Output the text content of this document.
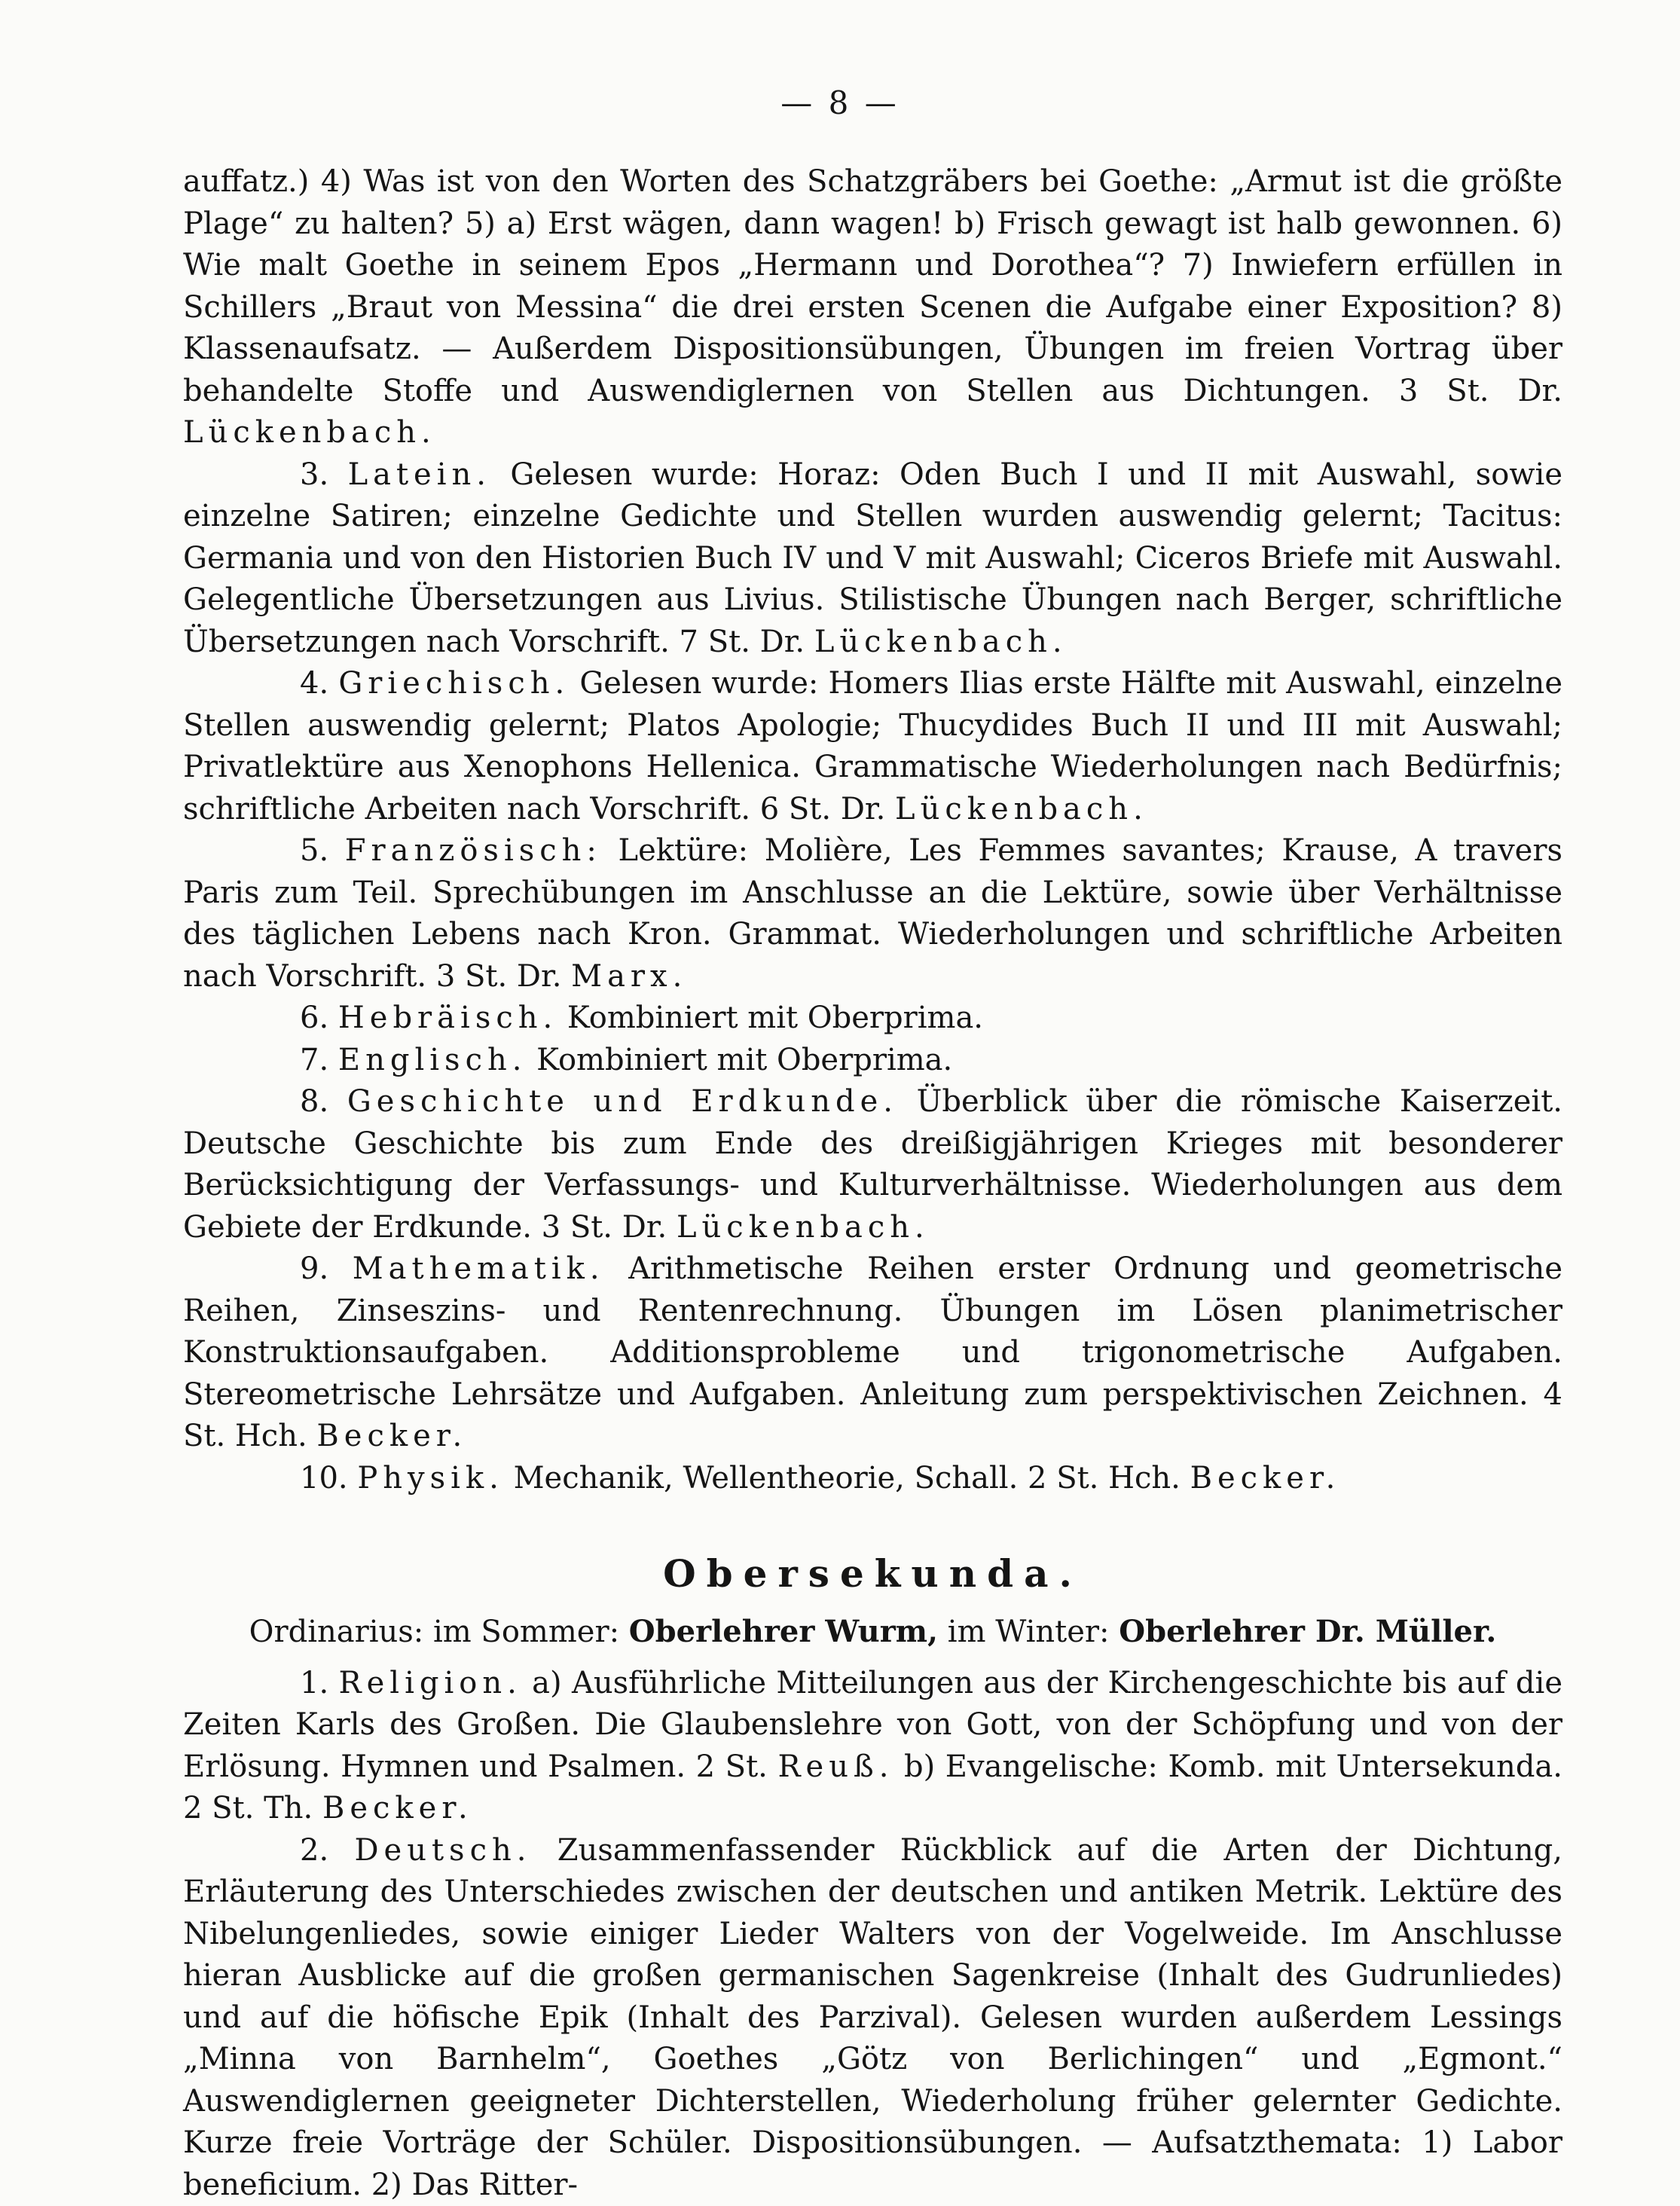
— 8 —

auffatz.) 4) Was ist von den Worten des Schatzgräbers bei Goethe: „Armut ist die größte Plage“ zu halten? 5) a) Erst wägen, dann wagen! b) Frisch gewagt ist halb gewonnen. 6) Wie malt Goethe in seinem Epos „Hermann und Dorothea“? 7) Inwiefern erfüllen in Schillers „Braut von Messina“ die drei ersten Scenen die Aufgabe einer Exposition? 8) Klassenaufsatz. — Außerdem Dispositionsübungen, Übungen im freien Vortrag über behandelte Stoffe und Auswendiglernen von Stellen aus Dichtungen. 3 St. Dr. Lückenbach.

3. Latein. Gelesen wurde: Horaz: Oden Buch I und II mit Auswahl, sowie einzelne Satiren; einzelne Gedichte und Stellen wurden auswendig gelernt; Tacitus: Germania und von den Historien Buch IV und V mit Auswahl; Ciceros Briefe mit Auswahl. Gelegentliche Übersetzungen aus Livius. Stilistische Übungen nach Berger, schriftliche Übersetzungen nach Vorschrift. 7 St. Dr. Lückenbach.

4. Griechisch. Gelesen wurde: Homers Ilias erste Hälfte mit Auswahl, einzelne Stellen auswendig gelernt; Platos Apologie; Thucydides Buch II und III mit Auswahl; Privatlektüre aus Xenophons Hellenica. Grammatische Wiederholungen nach Bedürfnis; schriftliche Arbeiten nach Vorschrift. 6 St. Dr. Lückenbach.

5. Französisch: Lektüre: Molière, Les Femmes savantes; Krause, A travers Paris zum Teil. Sprechübungen im Anschlusse an die Lektüre, sowie über Verhältnisse des täglichen Lebens nach Kron. Grammat. Wiederholungen und schriftliche Arbeiten nach Vorschrift. 3 St. Dr. Marx.

6. Hebräisch. Kombiniert mit Oberprima.

7. Englisch. Kombiniert mit Oberprima.

8. Geschichte und Erdkunde. Überblick über die römische Kaiserzeit. Deutsche Geschichte bis zum Ende des dreißigjährigen Krieges mit besonderer Berücksichtigung der Verfassungs- und Kulturverhältnisse. Wiederholungen aus dem Gebiete der Erdkunde. 3 St. Dr. Lückenbach.

9. Mathematik. Arithmetische Reihen erster Ordnung und geometrische Reihen, Zinseszins- und Rentenrechnung. Übungen im Lösen planimetrischer Konstruktionsaufgaben. Additionsprobleme und trigonometrische Aufgaben. Stereometrische Lehrsätze und Aufgaben. Anleitung zum perspektivischen Zeichnen. 4 St. Hch. Becker.

10. Physik. Mechanik, Wellentheorie, Schall. 2 St. Hch. Becker.

Obersekunda.

Ordinarius: im Sommer: Oberlehrer Wurm, im Winter: Oberlehrer Dr. Müller.

1. Religion. a) Ausführliche Mitteilungen aus der Kirchengeschichte bis auf die Zeiten Karls des Großen. Die Glaubenslehre von Gott, von der Schöpfung und von der Erlösung. Hymnen und Psalmen. 2 St. Reuß. b) Evangelische: Komb. mit Untersekunda. 2 St. Th. Becker.

2. Deutsch. Zusammenfassender Rückblick auf die Arten der Dichtung, Erläuterung des Unterschiedes zwischen der deutschen und antiken Metrik. Lektüre des Nibelungenliedes, sowie einiger Lieder Walters von der Vogelweide. Im Anschlusse hieran Ausblicke auf die großen germanischen Sagenkreise (Inhalt des Gudrunliedes) und auf die höfische Epik (Inhalt des Parzival). Gelesen wurden außerdem Lessings „Minna von Barnhelm“, Goethes „Götz von Berlichingen“ und „Egmont.“ Auswendiglernen geeigneter Dichterstellen, Wiederholung früher gelernter Gedichte. Kurze freie Vorträge der Schüler. Dispositionsübungen. — Aufsatzthemata: 1) Labor beneficium. 2) Das Ritter-
